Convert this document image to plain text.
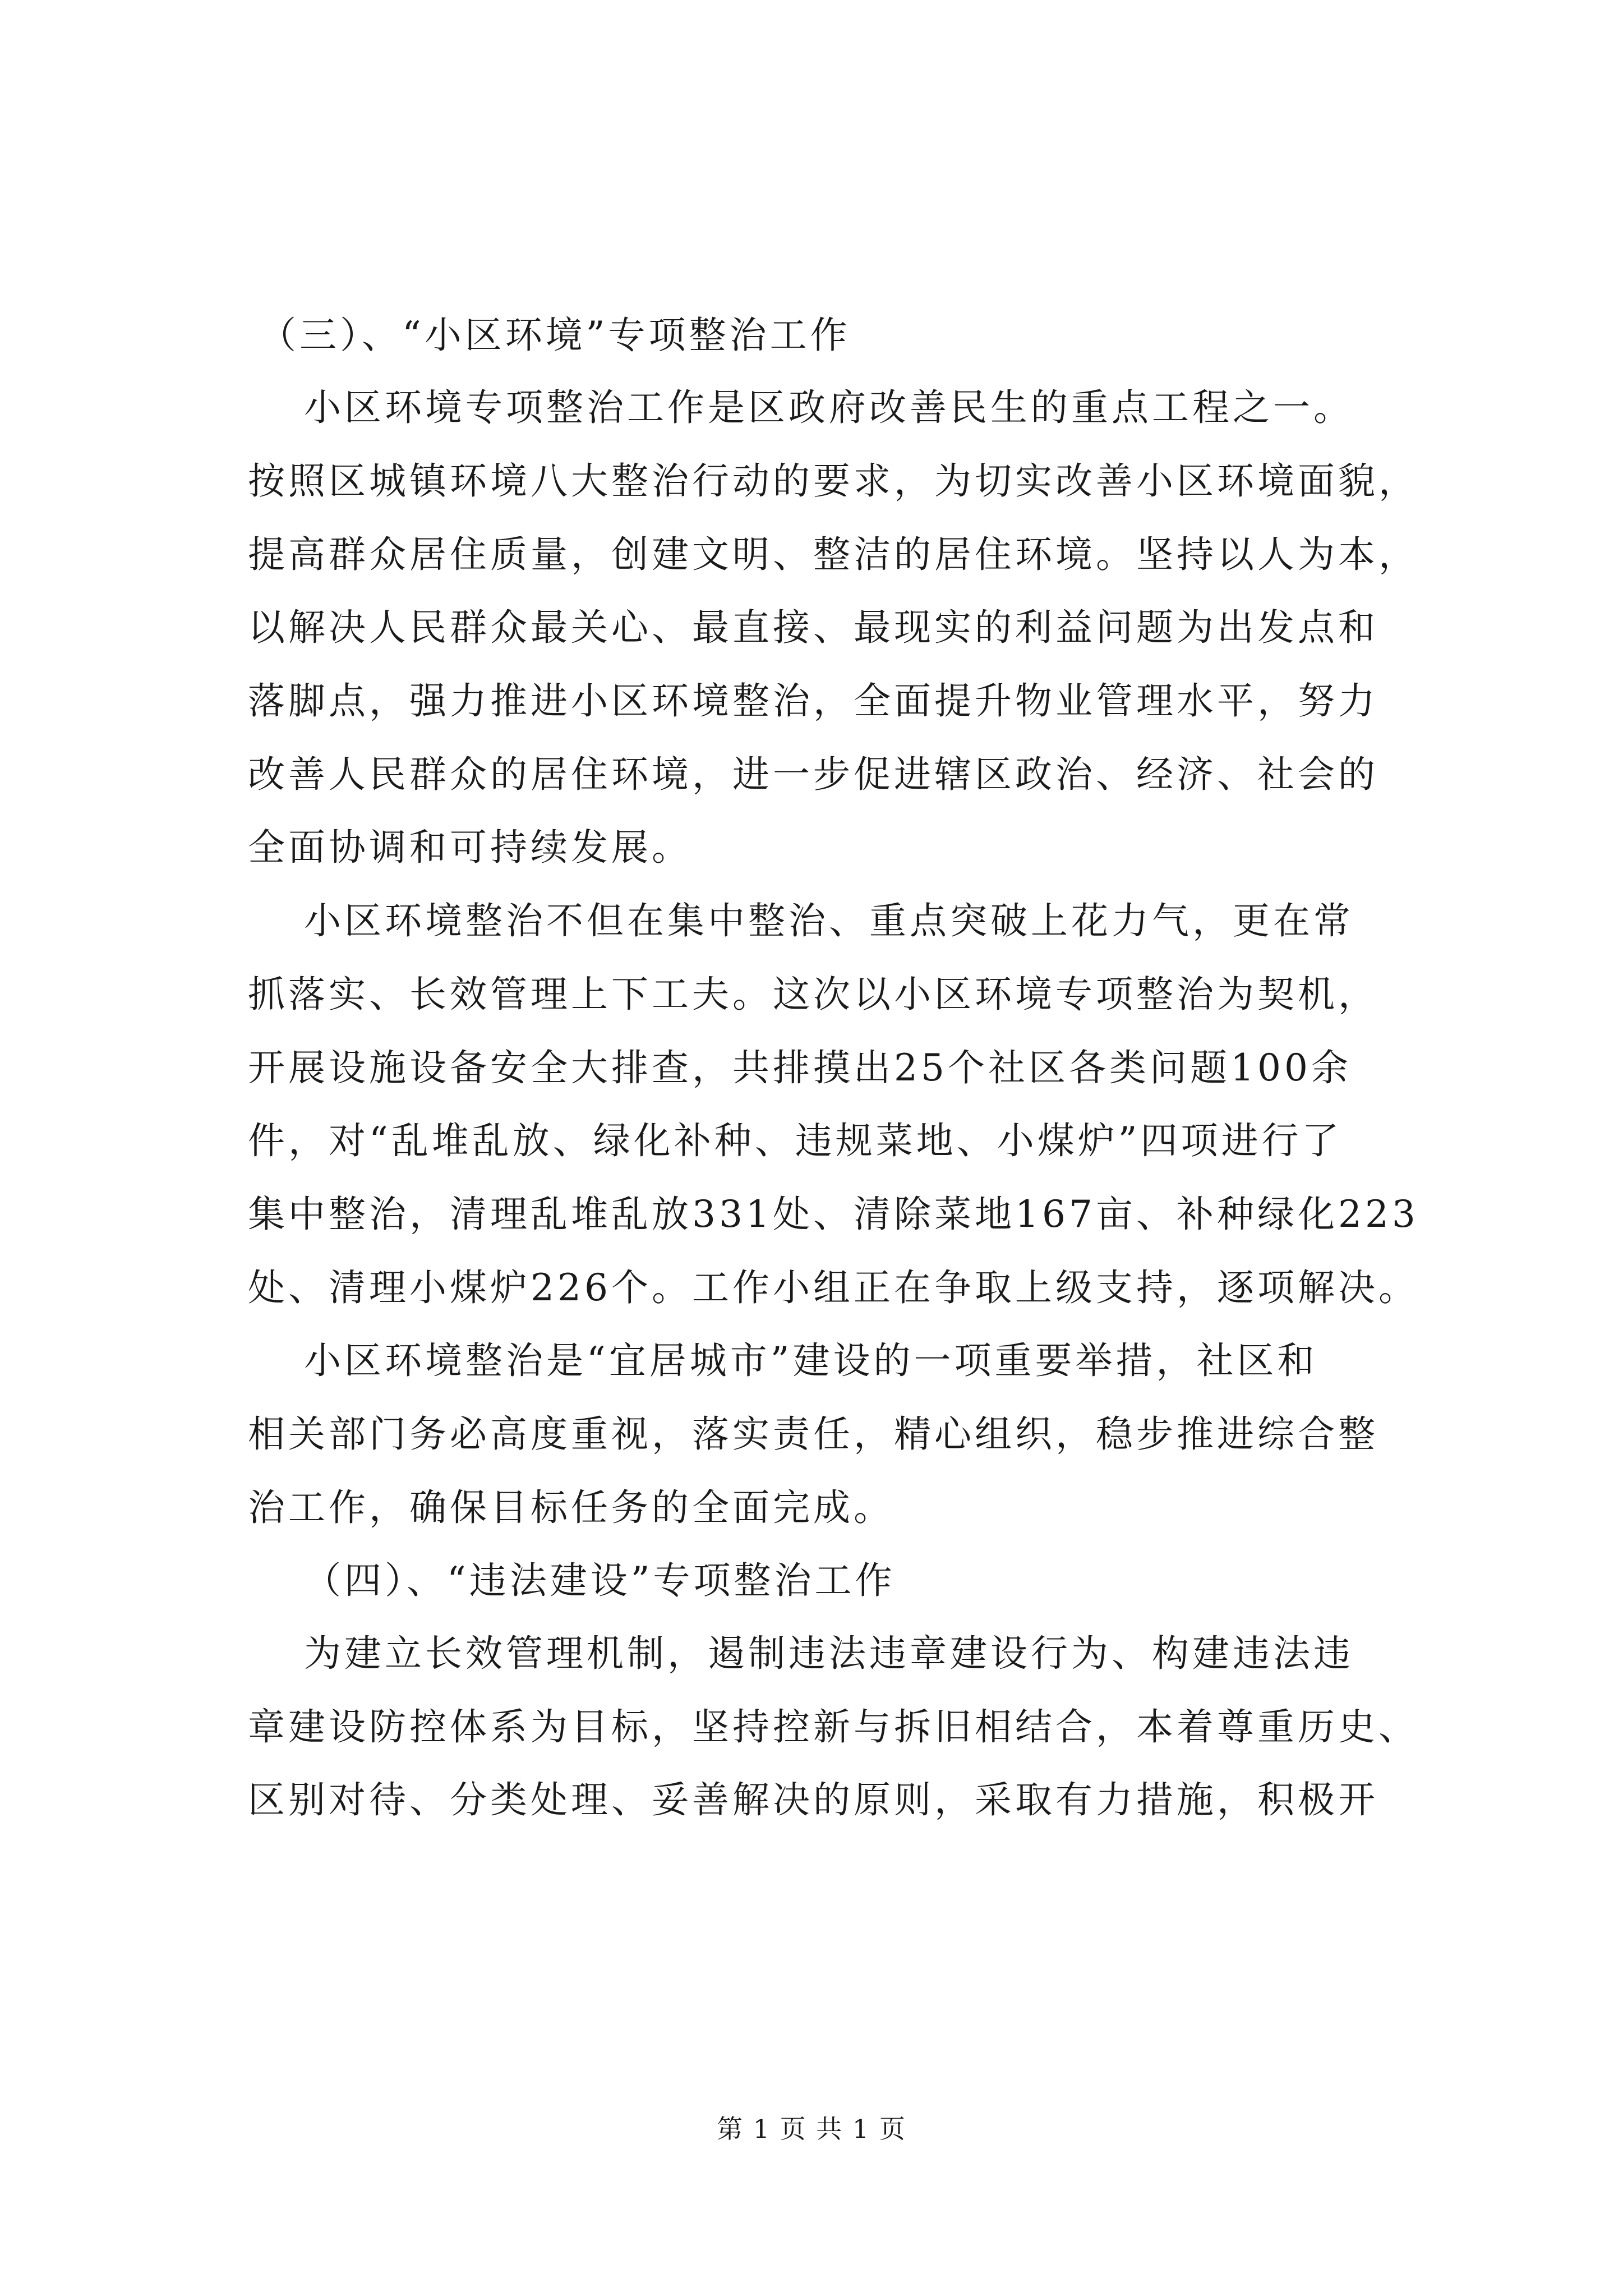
（三）、“小区环境”专项整治工作
小区环境专项整治工作是区政府改善民生的重点工程之一。
按照区城镇环境八大整治行动的要求，为切实改善小区环境面貌，
提高群众居住质量，创建文明、整洁的居住环境。坚持以人为本，
以解决人民群众最关心、最直接、最现实的利益问题为出发点和
落脚点，强力推进小区环境整治，全面提升物业管理水平，努力
改善人民群众的居住环境，进一步促进辖区政治、经济、社会的
全面协调和可持续发展。
小区环境整治不但在集中整治、重点突破上花力气，更在常
抓落实、长效管理上下工夫。这次以小区环境专项整治为契机，
开展设施设备安全大排查，共排摸出25个社区各类问题100余
件，对“乱堆乱放、绿化补种、违规菜地、小煤炉”四项进行了
集中整治，清理乱堆乱放331处、清除菜地167亩、补种绿化223
处、清理小煤炉226个。工作小组正在争取上级支持，逐项解决。
小区环境整治是“宜居城市”建设的一项重要举措，社区和
相关部门务必高度重视，落实责任，精心组织，稳步推进综合整
治工作，确保目标任务的全面完成。
（四）、“违法建设”专项整治工作
为建立长效管理机制，遏制违法违章建设行为、构建违法违
章建设防控体系为目标，坚持控新与拆旧相结合，本着尊重历史、
区别对待、分类处理、妥善解决的原则，采取有力措施，积极开
第 1 页 共 1 页
